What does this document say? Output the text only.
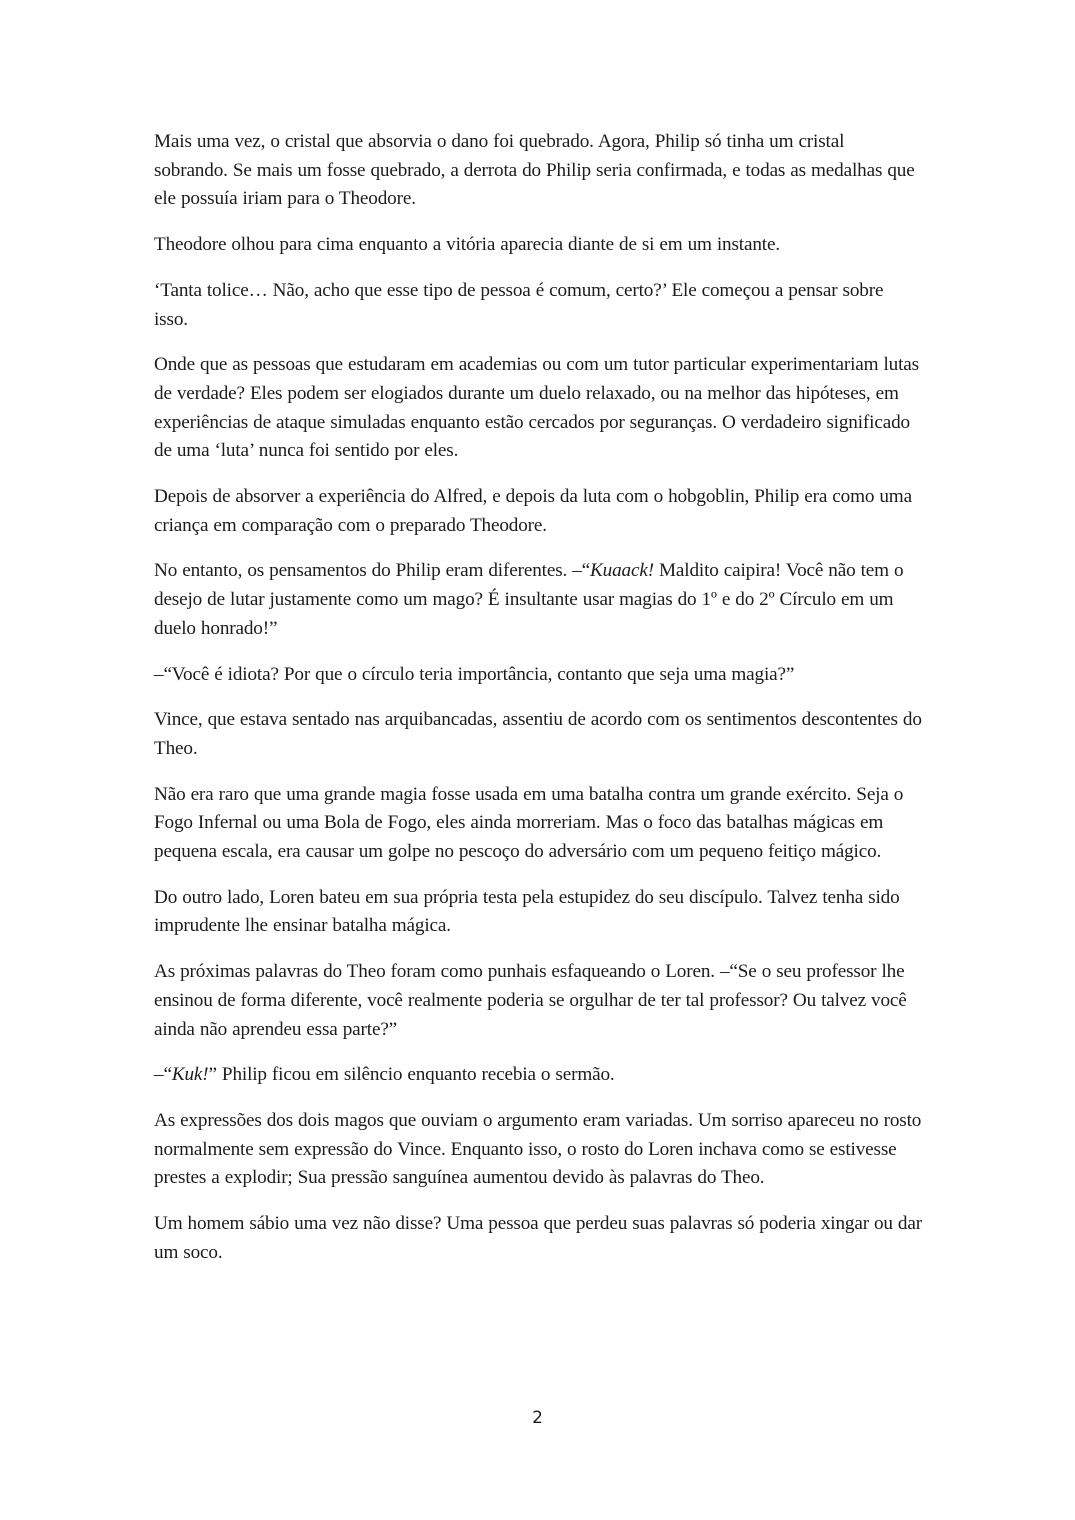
Mais uma vez, o cristal que absorvia o dano foi quebrado. Agora, Philip só tinha um cristal sobrando. Se mais um fosse quebrado, a derrota do Philip seria confirmada, e todas as medalhas que ele possuía iriam para o Theodore.

Theodore olhou para cima enquanto a vitória aparecia diante de si em um instante.

‘Tanta tolice… Não, acho que esse tipo de pessoa é comum, certo?’ Ele começou a pensar sobre isso.

Onde que as pessoas que estudaram em academias ou com um tutor particular experimentariam lutas de verdade? Eles podem ser elogiados durante um duelo relaxado, ou na melhor das hipóteses, em experiências de ataque simuladas enquanto estão cercados por seguranças. O verdadeiro significado de uma ‘luta’ nunca foi sentido por eles.

Depois de absorver a experiência do Alfred, e depois da luta com o hobgoblin, Philip era como uma criança em comparação com o preparado Theodore.

No entanto, os pensamentos do Philip eram diferentes. –“Kuaack! Maldito caipira! Você não tem o desejo de lutar justamente como um mago? É insultante usar magias do 1º e do 2º Círculo em um duelo honrado!”

–“Você é idiota? Por que o círculo teria importância, contanto que seja uma magia?”

Vince, que estava sentado nas arquibancadas, assentiu de acordo com os sentimentos descontentes do Theo.

Não era raro que uma grande magia fosse usada em uma batalha contra um grande exército. Seja o Fogo Infernal ou uma Bola de Fogo, eles ainda morreriam. Mas o foco das batalhas mágicas em pequena escala, era causar um golpe no pescoço do adversário com um pequeno feitiço mágico.

Do outro lado, Loren bateu em sua própria testa pela estupidez do seu discípulo. Talvez tenha sido imprudente lhe ensinar batalha mágica.

As próximas palavras do Theo foram como punhais esfaqueando o Loren. –“Se o seu professor lhe ensinou de forma diferente, você realmente poderia se orgulhar de ter tal professor? Ou talvez você ainda não aprendeu essa parte?”

–“Kuk!” Philip ficou em silêncio enquanto recebia o sermão.

As expressões dos dois magos que ouviam o argumento eram variadas. Um sorriso apareceu no rosto normalmente sem expressão do Vince. Enquanto isso, o rosto do Loren inchava como se estivesse prestes a explodir; Sua pressão sanguínea aumentou devido às palavras do Theo.

Um homem sábio uma vez não disse? Uma pessoa que perdeu suas palavras só poderia xingar ou dar um soco.

2
